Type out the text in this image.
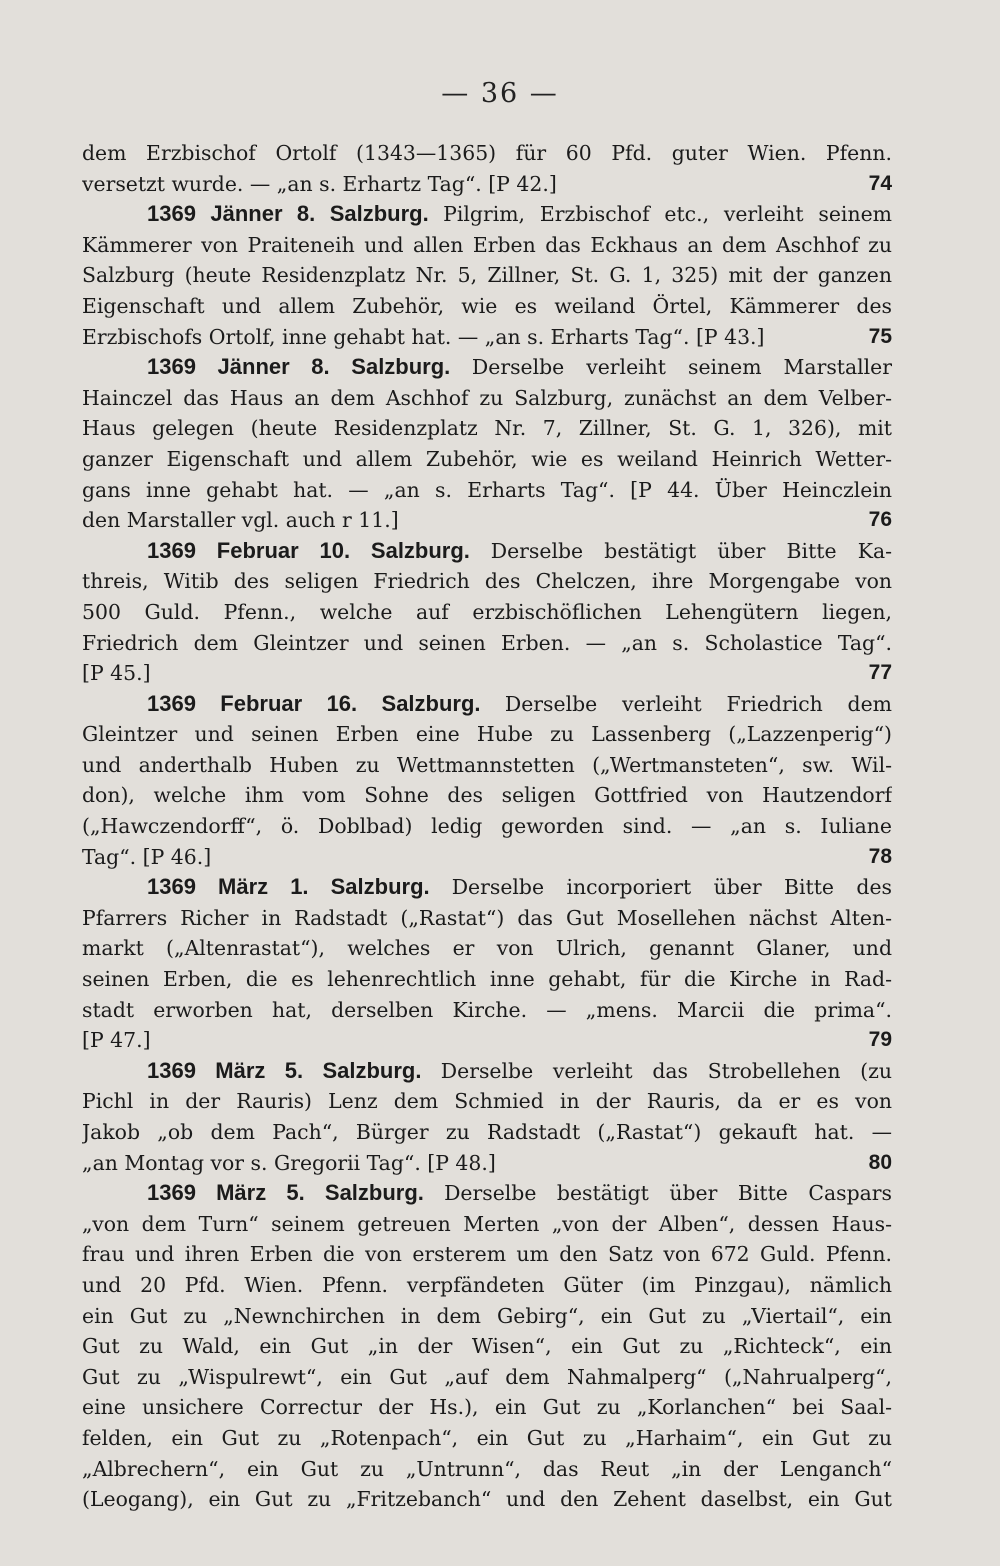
— 36 —
dem Erzbischof Ortolf (1343—1365) für 60 Pfd. guter Wien. Pfenn.
versetzt wurde. — „an s. Erhartz Tag“. [P 42.]	74
1369 Jänner 8. Salzburg. Pilgrim, Erzbischof etc., verleiht seinem
Kämmerer von Praiteneih und allen Erben das Eckhaus an dem Aschhof zu
Salzburg (heute Residenzplatz Nr. 5, Zillner, St. G. 1, 325) mit der ganzen
Eigenschaft und allem Zubehör, wie es weiland Örtel, Kämmerer des
Erzbischofs Ortolf, inne gehabt hat. — „an s. Erharts Tag“. [P 43.]	75
1369 Jänner 8. Salzburg. Derselbe verleiht seinem Marstaller
Hainczel das Haus an dem Aschhof zu Salzburg, zunächst an dem Velber-
Haus gelegen (heute Residenzplatz Nr. 7, Zillner, St. G. 1, 326), mit
ganzer Eigenschaft und allem Zubehör, wie es weiland Heinrich Wetter-
gans inne gehabt hat. — „an s. Erharts Tag“. [P 44. Über Heinczlein
den Marstaller vgl. auch r 11.]	76
1369 Februar 10. Salzburg. Derselbe bestätigt über Bitte Ka-
threis, Witib des seligen Friedrich des Chelczen, ihre Morgengabe von
500 Guld. Pfenn., welche auf erzbischöflichen Lehengütern liegen,
Friedrich dem Gleintzer und seinen Erben. — „an s. Scholastice Tag“.
[P 45.]	77
1369 Februar 16. Salzburg. Derselbe verleiht Friedrich dem
Gleintzer und seinen Erben eine Hube zu Lassenberg („Lazzenperig“)
und anderthalb Huben zu Wettmannstetten („Wertmansteten“, sw. Wil-
don), welche ihm vom Sohne des seligen Gottfried von Hautzendorf
(„Hawczendorff“, ö. Doblbad) ledig geworden sind. — „an s. Iuliane
Tag“. [P 46.]	78
1369 März 1. Salzburg. Derselbe incorporiert über Bitte des
Pfarrers Richer in Radstadt („Rastat“) das Gut Mosellehen nächst Alten-
markt („Altenrastat“), welches er von Ulrich, genannt Glaner, und
seinen Erben, die es lehenrechtlich inne gehabt, für die Kirche in Rad-
stadt erworben hat, derselben Kirche. — „mens. Marcii die prima“.
[P 47.]	79
1369 März 5. Salzburg. Derselbe verleiht das Strobellehen (zu
Pichl in der Rauris) Lenz dem Schmied in der Rauris, da er es von
Jakob „ob dem Pach“, Bürger zu Radstadt („Rastat“) gekauft hat. —
„an Montag vor s. Gregorii Tag“. [P 48.]	80
1369 März 5. Salzburg. Derselbe bestätigt über Bitte Caspars
„von dem Turn“ seinem getreuen Merten „von der Alben“, dessen Haus-
frau und ihren Erben die von ersterem um den Satz von 672 Guld. Pfenn.
und 20 Pfd. Wien. Pfenn. verpfändeten Güter (im Pinzgau), nämlich
ein Gut zu „Newnchirchen in dem Gebirg“, ein Gut zu „Viertail“, ein
Gut zu Wald, ein Gut „in der Wisen“, ein Gut zu „Richteck“, ein
Gut zu „Wispulrewt“, ein Gut „auf dem Nahmalperg“ („Nahrualperg“,
eine unsichere Correctur der Hs.), ein Gut zu „Korlanchen“ bei Saal-
felden, ein Gut zu „Rotenpach“, ein Gut zu „Harhaim“, ein Gut zu
„Albrechern“, ein Gut zu „Untrunn“, das Reut „in der Lenganch“
(Leogang), ein Gut zu „Fritzebanch“ und den Zehent daselbst, ein Gut
